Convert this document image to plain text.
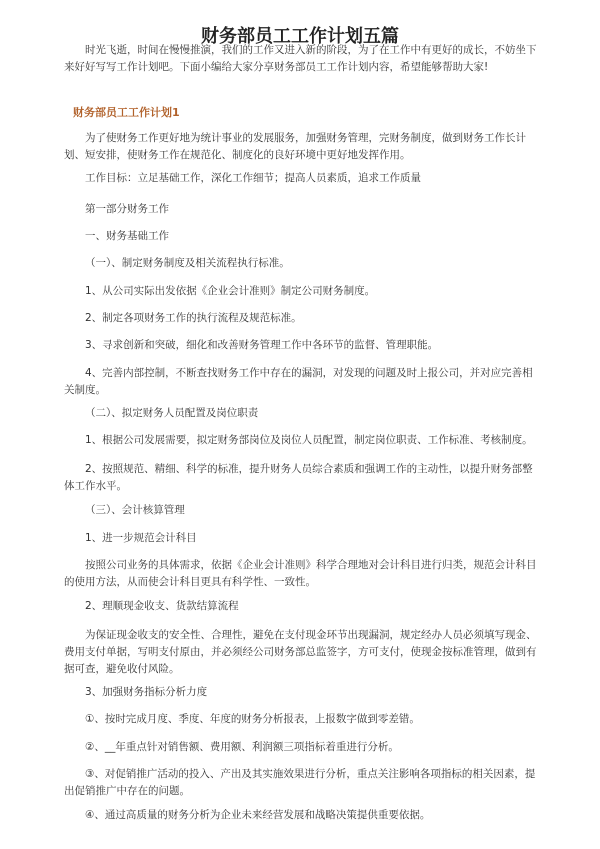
财务部员工工作计划五篇

时光飞逝，时间在慢慢推演，我们的工作又进入新的阶段，为了在工作中有更好的成长，不妨坐下来好好写写工作计划吧。下面小编给大家分享财务部员工工作计划内容，希望能够帮助大家!

财务部员工工作计划1

为了使财务工作更好地为统计事业的发展服务，加强财务管理，完财务制度，做到财务工作长计划、短安排，使财务工作在规范化、制度化的良好环境中更好地发挥作用。

工作目标：立足基础工作，深化工作细节；提高人员素质，追求工作质量

第一部分财务工作

一、财务基础工作

（一）、制定财务制度及相关流程执行标准。

1、从公司实际出发依据《企业会计准则》制定公司财务制度。

2、制定各项财务工作的执行流程及规范标准。

3、寻求创新和突破，细化和改善财务管理工作中各环节的监督、管理职能。

4、完善内部控制，不断查找财务工作中存在的漏洞，对发现的问题及时上报公司，并对应完善相关制度。

（二）、拟定财务人员配置及岗位职责

1、根据公司发展需要，拟定财务部岗位及岗位人员配置，制定岗位职责、工作标准、考核制度。

2、按照规范、精细、科学的标准，提升财务人员综合素质和强调工作的主动性，以提升财务部整体工作水平。

（三）、会计核算管理

1、进一步规范会计科目

按照公司业务的具体需求，依据《企业会计准则》科学合理地对会计科目进行归类，规范会计科目的使用方法，从而使会计科目更具有科学性、一致性。

2、理顺现金收支、货款结算流程

为保证现金收支的安全性、合理性，避免在支付现金环节出现漏洞，规定经办人员必须填写现金、费用支付单据，写明支付原由，并必须经公司财务部总监签字，方可支付，使现金按标准管理，做到有据可查，避免收付风险。

3、加强财务指标分析力度

①、按时完成月度、季度、年度的财务分析报表，上报数字做到零差错。

②、__年重点针对销售额、费用额、利润额三项指标着重进行分析。

③、对促销推广活动的投入、产出及其实施效果进行分析，重点关注影响各项指标的相关因素，提出促销推广中存在的问题。

④、通过高质量的财务分析为企业未来经营发展和战略决策提供重要依据。
